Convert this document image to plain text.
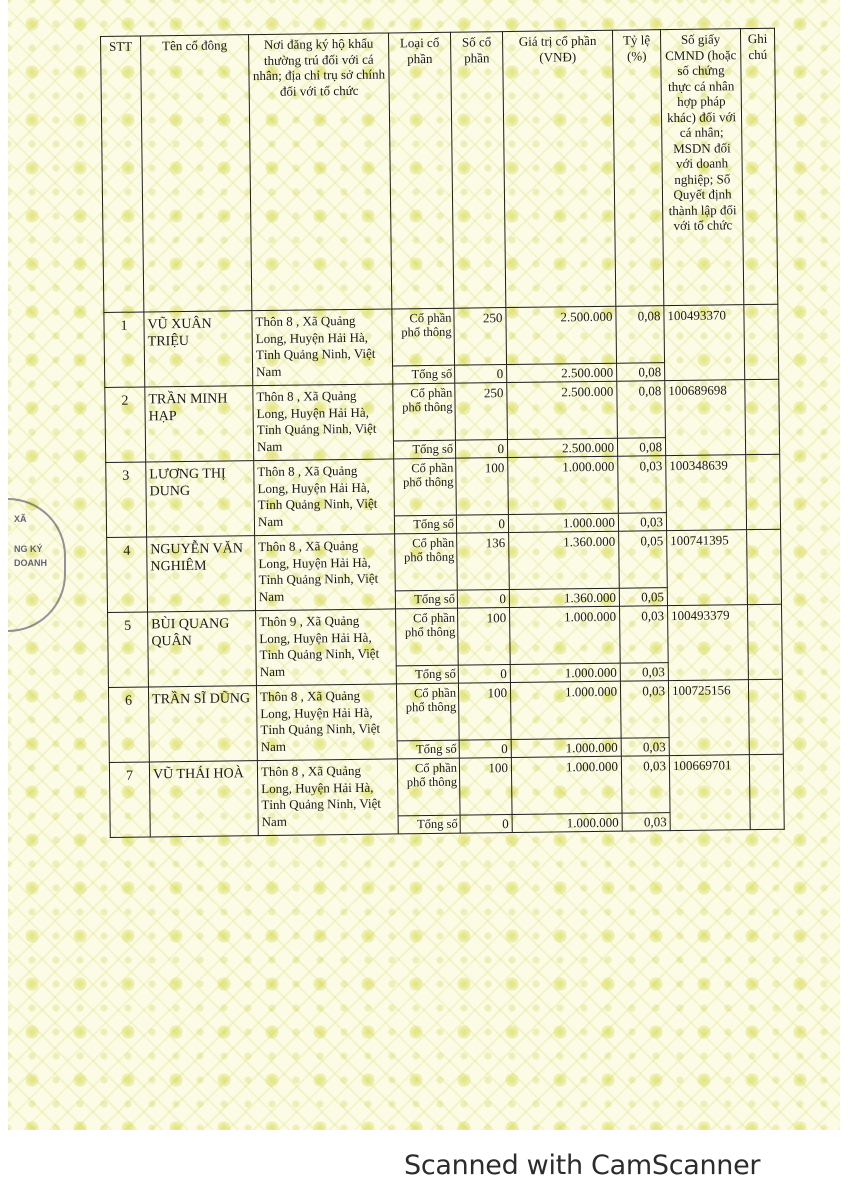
XÃ
NG KÝ
DOANH
STT	Tên cổ đông	Nơi đăng ký hộ khẩu thường trú đối với cá nhân; địa chỉ trụ sở chính đối với tổ chức	Loại cổ phần	Số cổ phần	Giá trị cổ phần (VNĐ)	Tỷ lệ (%)	Số giấy CMND (hoặc số chứng thực cá nhân hợp pháp khác) đối với cá nhân; MSDN đối với doanh nghiệp; Số Quyết định thành lập đối với tổ chức	Ghi chú
1	VŨ XUÂN TRIỆU	Thôn 8 , Xã Quảng Long, Huyện Hải Hà, Tỉnh Quảng Ninh, Việt Nam	Cổ phần phổ thông	250	2.500.000	0,08	100493370	
			Tổng số	0	2.500.000	0,08		
2	TRẦN MINH HẠP	Thôn 8 , Xã Quảng Long, Huyện Hải Hà, Tỉnh Quảng Ninh, Việt Nam	Cổ phần phổ thông	250	2.500.000	0,08	100689698	
			Tổng số	0	2.500.000	0,08		
3	LƯƠNG THỊ DUNG	Thôn 8 , Xã Quảng Long, Huyện Hải Hà, Tỉnh Quảng Ninh, Việt Nam	Cổ phần phổ thông	100	1.000.000	0,03	100348639	
			Tổng số	0	1.000.000	0,03		
4	NGUYỄN VĂN NGHIÊM	Thôn 8 , Xã Quảng Long, Huyện Hải Hà, Tỉnh Quảng Ninh, Việt Nam	Cổ phần phổ thông	136	1.360.000	0,05	100741395	
			Tổng số	0	1.360.000	0,05		
5	BÙI QUANG QUÂN	Thôn 9 , Xã Quảng Long, Huyện Hải Hà, Tỉnh Quảng Ninh, Việt Nam	Cổ phần phổ thông	100	1.000.000	0,03	100493379	
			Tổng số	0	1.000.000	0,03		
6	TRẦN SĨ DŨNG	Thôn 8 , Xã Quảng Long, Huyện Hải Hà, Tỉnh Quảng Ninh, Việt Nam	Cổ phần phổ thông	100	1.000.000	0,03	100725156	
			Tổng số	0	1.000.000	0,03		
7	VŨ THÁI HOÀ	Thôn 8 , Xã Quảng Long, Huyện Hải Hà, Tỉnh Quảng Ninh, Việt Nam	Cổ phần phổ thông	100	1.000.000	0,03	100669701	
			Tổng số	0	1.000.000	0,03		
Scanned with CamScanner
